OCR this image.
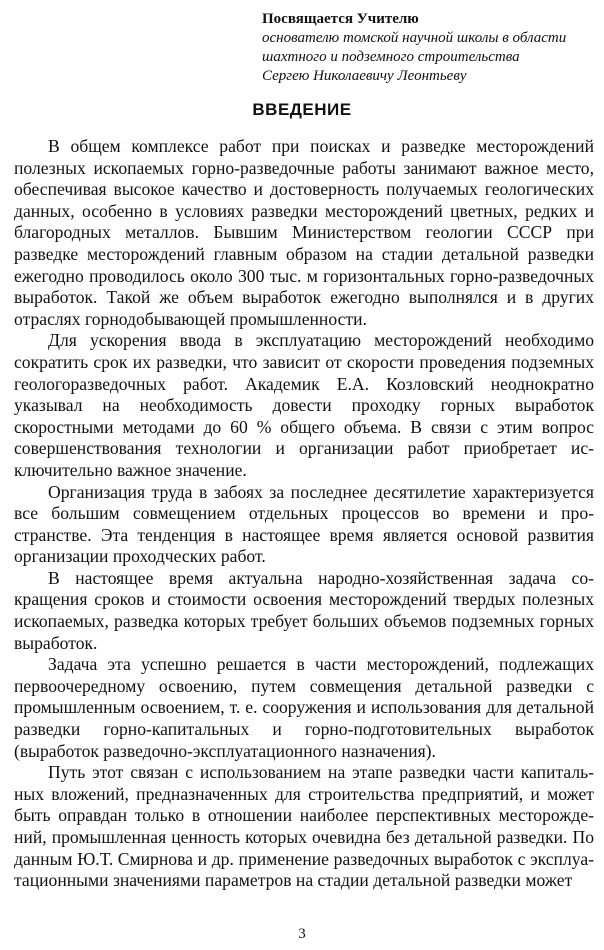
Посвящается Учителю
основателю томской научной школы в области
шахтного и подземного строительства
Сергею Николаевичу Леонтьеву
ВВЕДЕНИЕ

В общем комплексе работ при поисках и разведке месторождений полезных ископаемых горно-разведочные работы занимают важное место, обеспечивая высокое качество и достоверность получаемых геологических данных, особенно в условиях разведки месторождений цветных, редких и благородных металлов. Бывшим Министерством геологии СССР при разведке месторождений главным образом на стадии детальной разведки ежегодно проводилось около 300 тыс. м горизонтальных горно-разведочных выработок. Такой же объем выработок ежегодно выполнялся и в других отраслях горнодобывающей промышленности.

Для ускорения ввода в эксплуатацию месторождений необходимо сократить срок их разведки, что зависит от скорости проведения подземных геологоразведочных работ. Академик Е.А. Козловский неоднократно указывал на необходимость довести проходку горных выработок скоростными методами до 60 % общего объема. В связи с этим вопрос совершенствования технологии и организации работ приобретает исключительно важное значение.

Организация труда в забоях за последнее десятилетие характеризуется все большим совмещением отдельных процессов во времени и пространстве. Эта тенденция в настоящее время является основой развития организации проходческих работ.

В настоящее время актуальна народно-хозяйственная задача сокращения сроков и стоимости освоения месторождений твердых полезных ископаемых, разведка которых требует больших объемов подземных горных выработок.

Задача эта успешно решается в части месторождений, подлежащих первоочередному освоению, путем совмещения детальной разведки с промышленным освоением, т. е. сооружения и использования для детальной разведки горно-капитальных и горно-подготовительных выработок (выработок разведочно-эксплуатационного назначения).

Путь этот связан с использованием на этапе разведки части капитальных вложений, предназначенных для строительства предприятий, и может быть оправдан только в отношении наиболее перспективных месторождений, промышленная ценность которых очевидна без детальной разведки. По данным Ю.Т. Смирнова и др. применение разведочных выработок с эксплуатационными значениями параметров на стадии детальной разведки может

3
